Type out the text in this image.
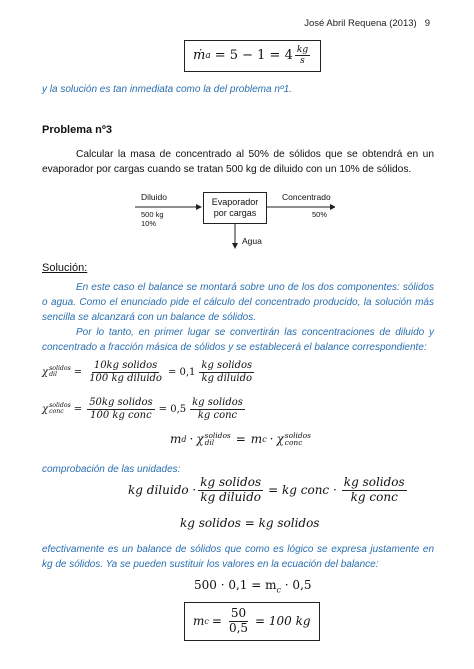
José Abril Requena (2013) 9
ṁ $a = 5 - 1 = 4 \frac{kg}{s}$
y la solución es tan inmediata como la del problema nº1.
Problema nº3
Calcular la masa de concentrado al 50% de sólidos que se obtendrá en un evaporador por cargas cuando se tratan 500 kg de diluido con un 10% de sólidos.
Evaporador
por cargas
Diluido
500 kg
10%
Concentrado
50%
Agua
Solución:
En este caso el balance se montará sobre uno de los dos componentes: sólidos o agua. Como el enunciado pide el cálculo del concentrado producido, la solución más sencilla se alcanzará con un balance de sólidos.
Por lo tanto, en primer lugar se convertirán las concentraciones de diluido y concentrado a fracción másica de sólidos y se establecerá el balance correspondiente:
χ solidos
dil	= $\frac{\text{10kg solidos}}{\text{100 kg diluido}} = 0,1 \frac{\text{kg solidos}}{\text{kg diluido}}$
χ solidos
conc	= $\frac{\text{50kg solidos}}{\text{100 kg conc}} = 0,5 \frac{\text{kg solidos}}{\text{kg conc}}$
m d · χ solidos
dil	= m c · χ solidos
conc
comprobación de las unidades:
kg diluido · $\frac{\text{kg solidos}}{\text{kg diluido}}$ = kg conc · $\frac{\text{kg solidos}}{\text{kg conc}}$
kg solidos = kg solidos
efectivamente es un balance de sólidos que como es lógico se expresa justamente en kg de sólidos. Ya se pueden sustituir los valores en la ecuación del balance:
$500 \cdot 0,1 = m_c \cdot 0,5$
m $c = \frac{50}{0,5} = 100$ kg
